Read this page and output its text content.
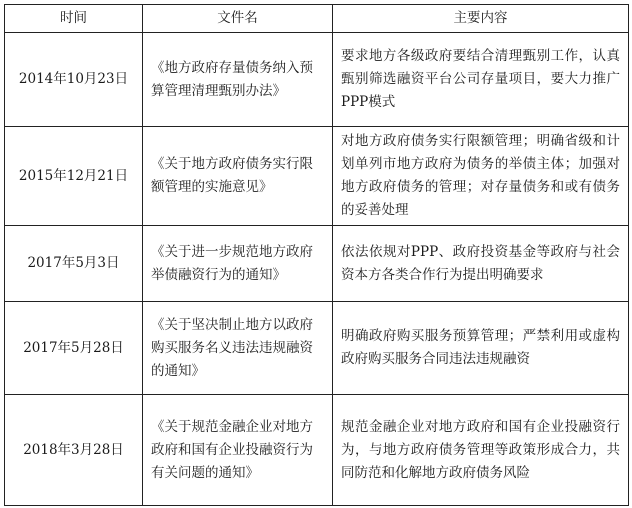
时间	文件名	主要内容
2014年10月23日	《地方政府存量债务纳入预算管理清理甄别办法》	要求地方各级政府要结合清理甄别工作，认真甄别筛选融资平台公司存量项目，要大力推广PPP模式
2015年12月21日	《关于地方政府债务实行限额管理的实施意见》	对地方政府债务实行限额管理；明确省级和计划单列市地方政府为债务的举债主体；加强对地方政府债务的管理；对存量债务和或有债务的妥善处理
2017年5月3日	《关于进一步规范地方政府举债融资行为的通知》	依法依规对PPP、政府投资基金等政府与社会资本方各类合作行为提出明确要求
2017年5月28日	《关于坚决制止地方以政府购买服务名义违法违规融资的通知》	明确政府购买服务预算管理；严禁利用或虚构政府购买服务合同违法违规融资
2018年3月28日	《关于规范金融企业对地方政府和国有企业投融资行为有关问题的通知》	规范金融企业对地方政府和国有企业投融资行为，与地方政府债务管理等政策形成合力，共同防范和化解地方政府债务风险
